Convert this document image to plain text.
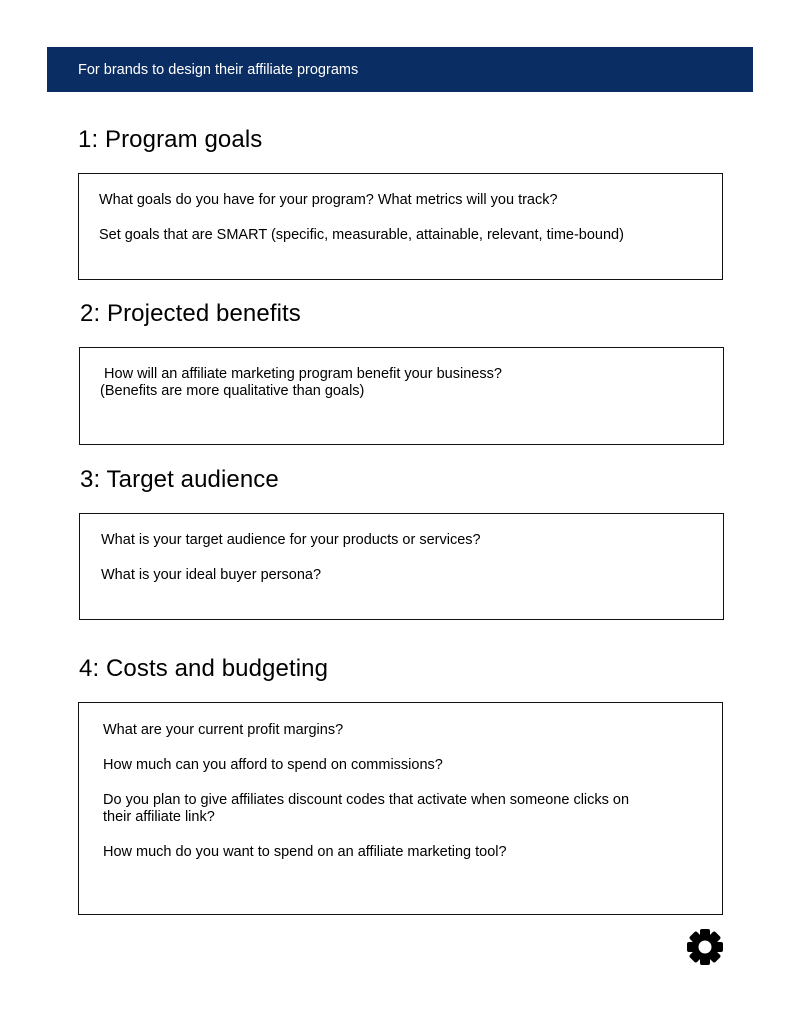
For brands to design their affiliate programs
1: Program goals

What goals do you have for your program? What metrics will you track?

Set goals that are SMART (specific, measurable, attainable, relevant, time-bound)

2: Projected benefits

How will an affiliate marketing program benefit your business?

(Benefits are more qualitative than goals)

3: Target audience

What is your target audience for your products or services?

What is your ideal buyer persona?

4: Costs and budgeting

What are your current profit margins?

How much can you afford to spend on commissions?

Do you plan to give affiliates discount codes that activate when someone clicks on

their affiliate link?

How much do you want to spend on an affiliate marketing tool?
